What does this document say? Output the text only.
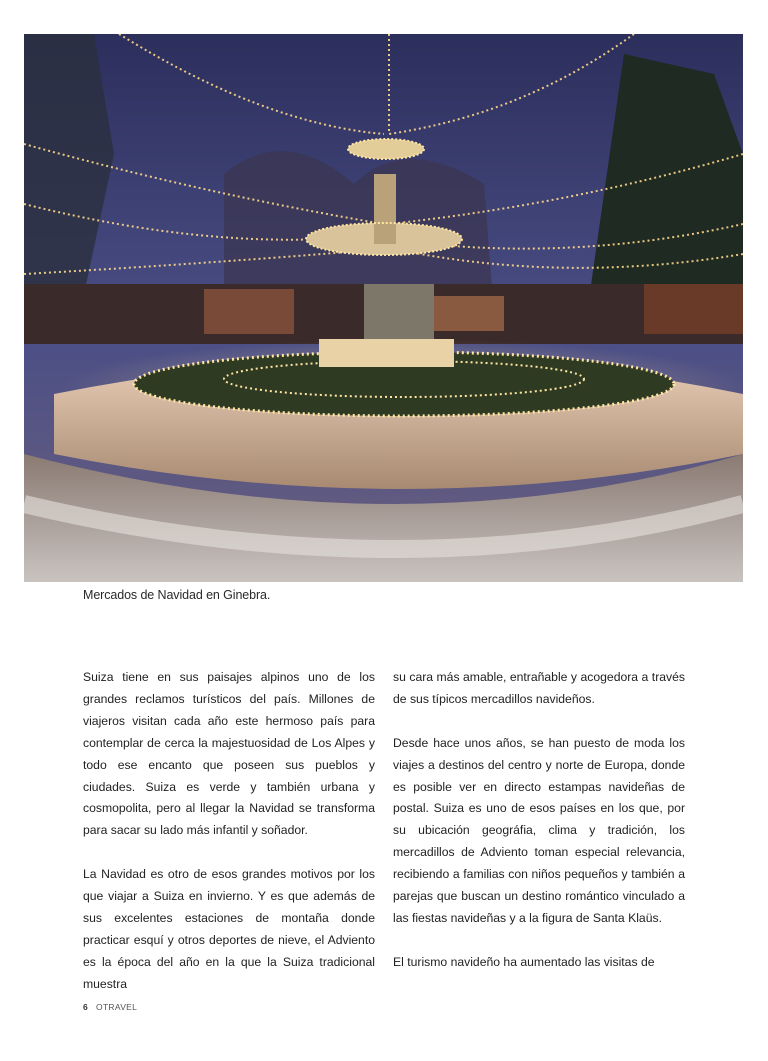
Mercados de Navidad en Ginebra.

Suiza tiene en sus paisajes alpinos uno de los grandes reclamos turísticos del país. Millones de viajeros visitan cada año este hermoso país para contemplar de cerca la majestuosidad de Los Alpes y todo ese encanto que poseen sus pueblos y ciudades. Suiza es verde y también urbana y cosmopolita, pero al llegar la Navidad se transforma para sacar su lado más infantil y soñador.

La Navidad es otro de esos grandes motivos por los que viajar a Suiza en invierno. Y es que además de sus excelentes estaciones de montaña donde practicar esquí y otros deportes de nieve, el Adviento es la época del año en la que la Suiza tradicional muestra

su cara más amable, entrañable y acogedora a través de sus típicos mercadillos navideños.

Desde hace unos años, se han puesto de moda los viajes a destinos del centro y norte de Europa, donde es posible ver en directo estampas navideñas de postal. Suiza es uno de esos países en los que, por su ubicación geográfia, clima y tradición, los mercadillos de Adviento toman especial relevancia, recibiendo a familias con niños pequeños y también a parejas que buscan un destino romántico vinculado a las fiestas navideñas y a la figura de Santa Klaüs.

El turismo navideño ha aumentado las visitas de

6 OTRAVEL
